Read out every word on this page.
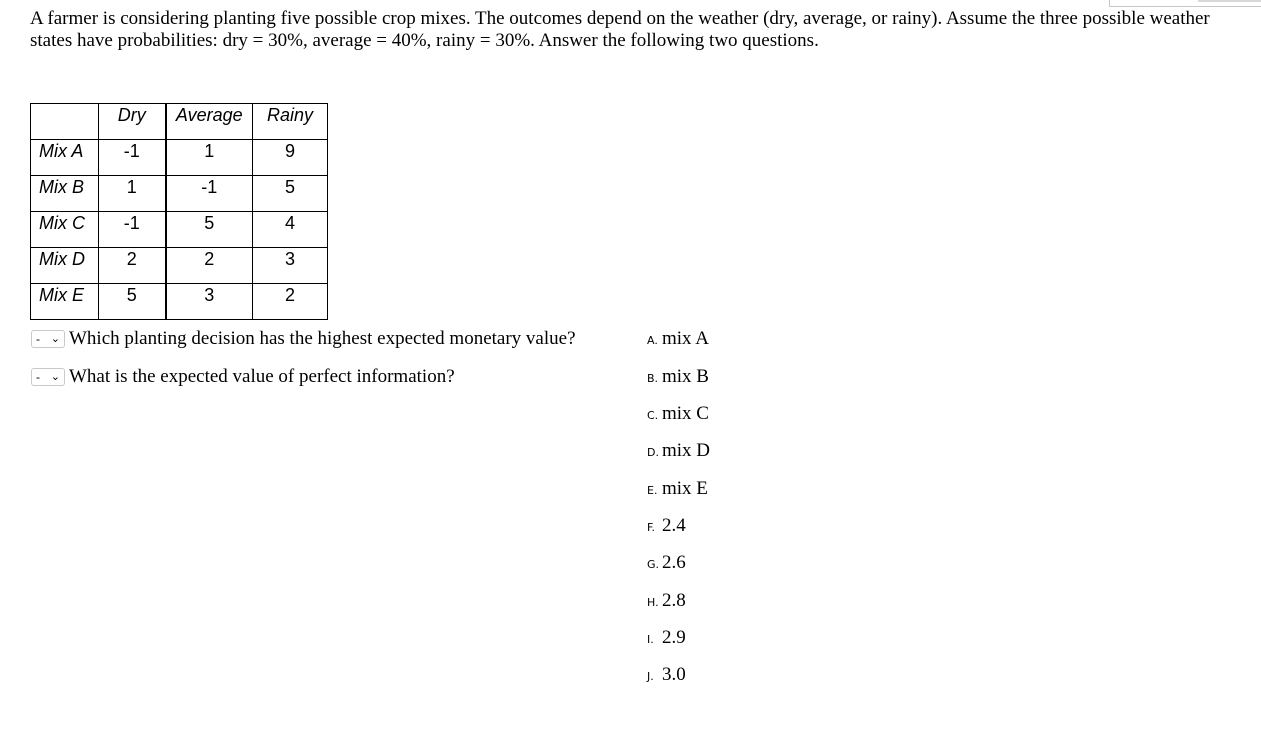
A farmer is considering planting five possible crop mixes. The outcomes depend on the weather (dry, average, or rainy). Assume the three possible weather states have probabilities: dry = 30%, average = 40%, rainy = 30%. Answer the following two questions.

	Dry	Average	Rainy
Mix A	-1	1	9
Mix B	1	-1	5
Mix C	-1	5	4
Mix D	2	2	3
Mix E	5	3	2
- ⌄ Which planting decision has the highest expected monetary value?
- ⌄ What is the expected value of perfect information?
A. mix A
B. mix B
C. mix C
D. mix D
E. mix E
F. 2.4
G. 2.6
H. 2.8
I. 2.9
J. 3.0
